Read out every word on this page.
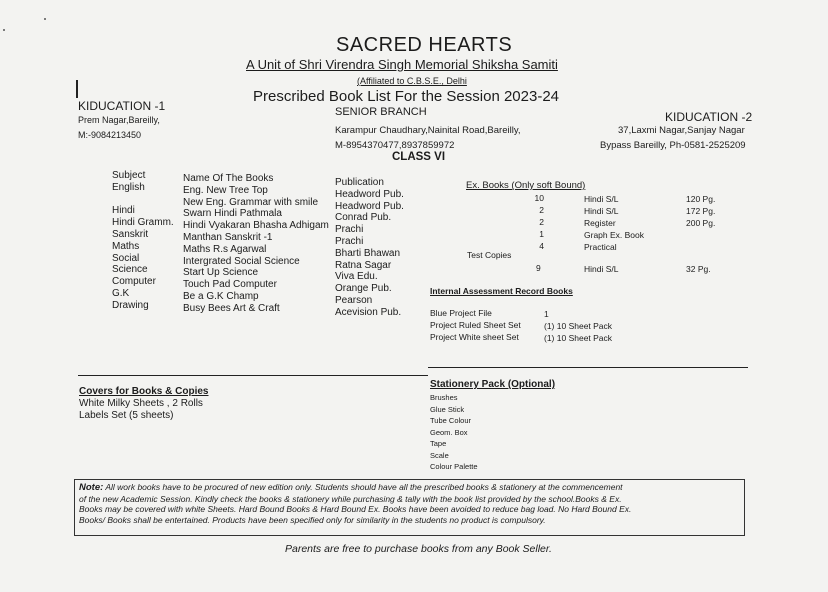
SACRED HEARTS
A Unit of Shri Virendra Singh Memorial Shiksha Samiti
(Affiliated to C.B.S.E., Delhi
Prescribed Book List For the Session 2023-24
SENIOR BRANCH
Karampur Chaudhary,Nainital Road,Bareilly,
M-8954370477,8937859972
CLASS VI
KIDUCATION -1
Prem Nagar,Bareilly,
M:-9084213450
KIDUCATION -2
37,Laxmi Nagar,Sanjay Nagar
Bypass Bareilly, Ph-0581-2525209
Subject
English
Hindi
Hindi Gramm.
Sanskrit
Maths
Social
Science
Computer
G.K
Drawing
Name Of The Books
Eng. New Tree Top
New Eng. Grammar with smile
Swarn Hindi Pathmala
Hindi Vyakaran Bhasha Adhigam
Manthan Sanskrit -1
Maths R.s Agarwal
Intergrated Social Science
Start Up Science
Touch Pad Computer
Be a G.K Champ
Busy Bees Art & Craft
Publication
Headword Pub.
Headword Pub.
Conrad Pub.
Prachi
Prachi
Bharti Bhawan
Ratna Sagar
Viva Edu.
Orange Pub.
Pearson
Acevision Pub.
Ex. Books (Only soft Bound)
10
2
2
1
4
Hindi S/L
Hindi S/L
Register
Graph Ex. Book
Practical
120 Pg.
172 Pg.
200 Pg.
Test Copies
9	Hindi S/L	32 Pg.
Internal Assessment Record Books
Blue Project File
Project Ruled Sheet Set
Project White sheet Set
1
(1) 10 Sheet Pack
(1) 10 Sheet Pack
Covers for Books & Copies
White Milky Sheets , 2 Rolls
Labels Set (5 sheets)
Stationery Pack (Optional)
Brushes
Glue Stick
Tube Colour
Geom. Box
Tape
Scale
Colour Palette
Note: All work books have to be procured of new edition only. Students should have all the prescribed books & stationery at the commencement
of the new Academic Session. Kindly check the books & stationery while purchasing & tally with the book list provided by the school.Books & Ex.
Books may be covered with white Sheets. Hard Bound Books & Hard Bound Ex. Books have been avoided to reduce bag load. No Hard Bound Ex.
Books/ Books shall be entertained. Products have been specified only for similarity in the students no product is compulsory.
Parents are free to purchase books from any Book Seller.
